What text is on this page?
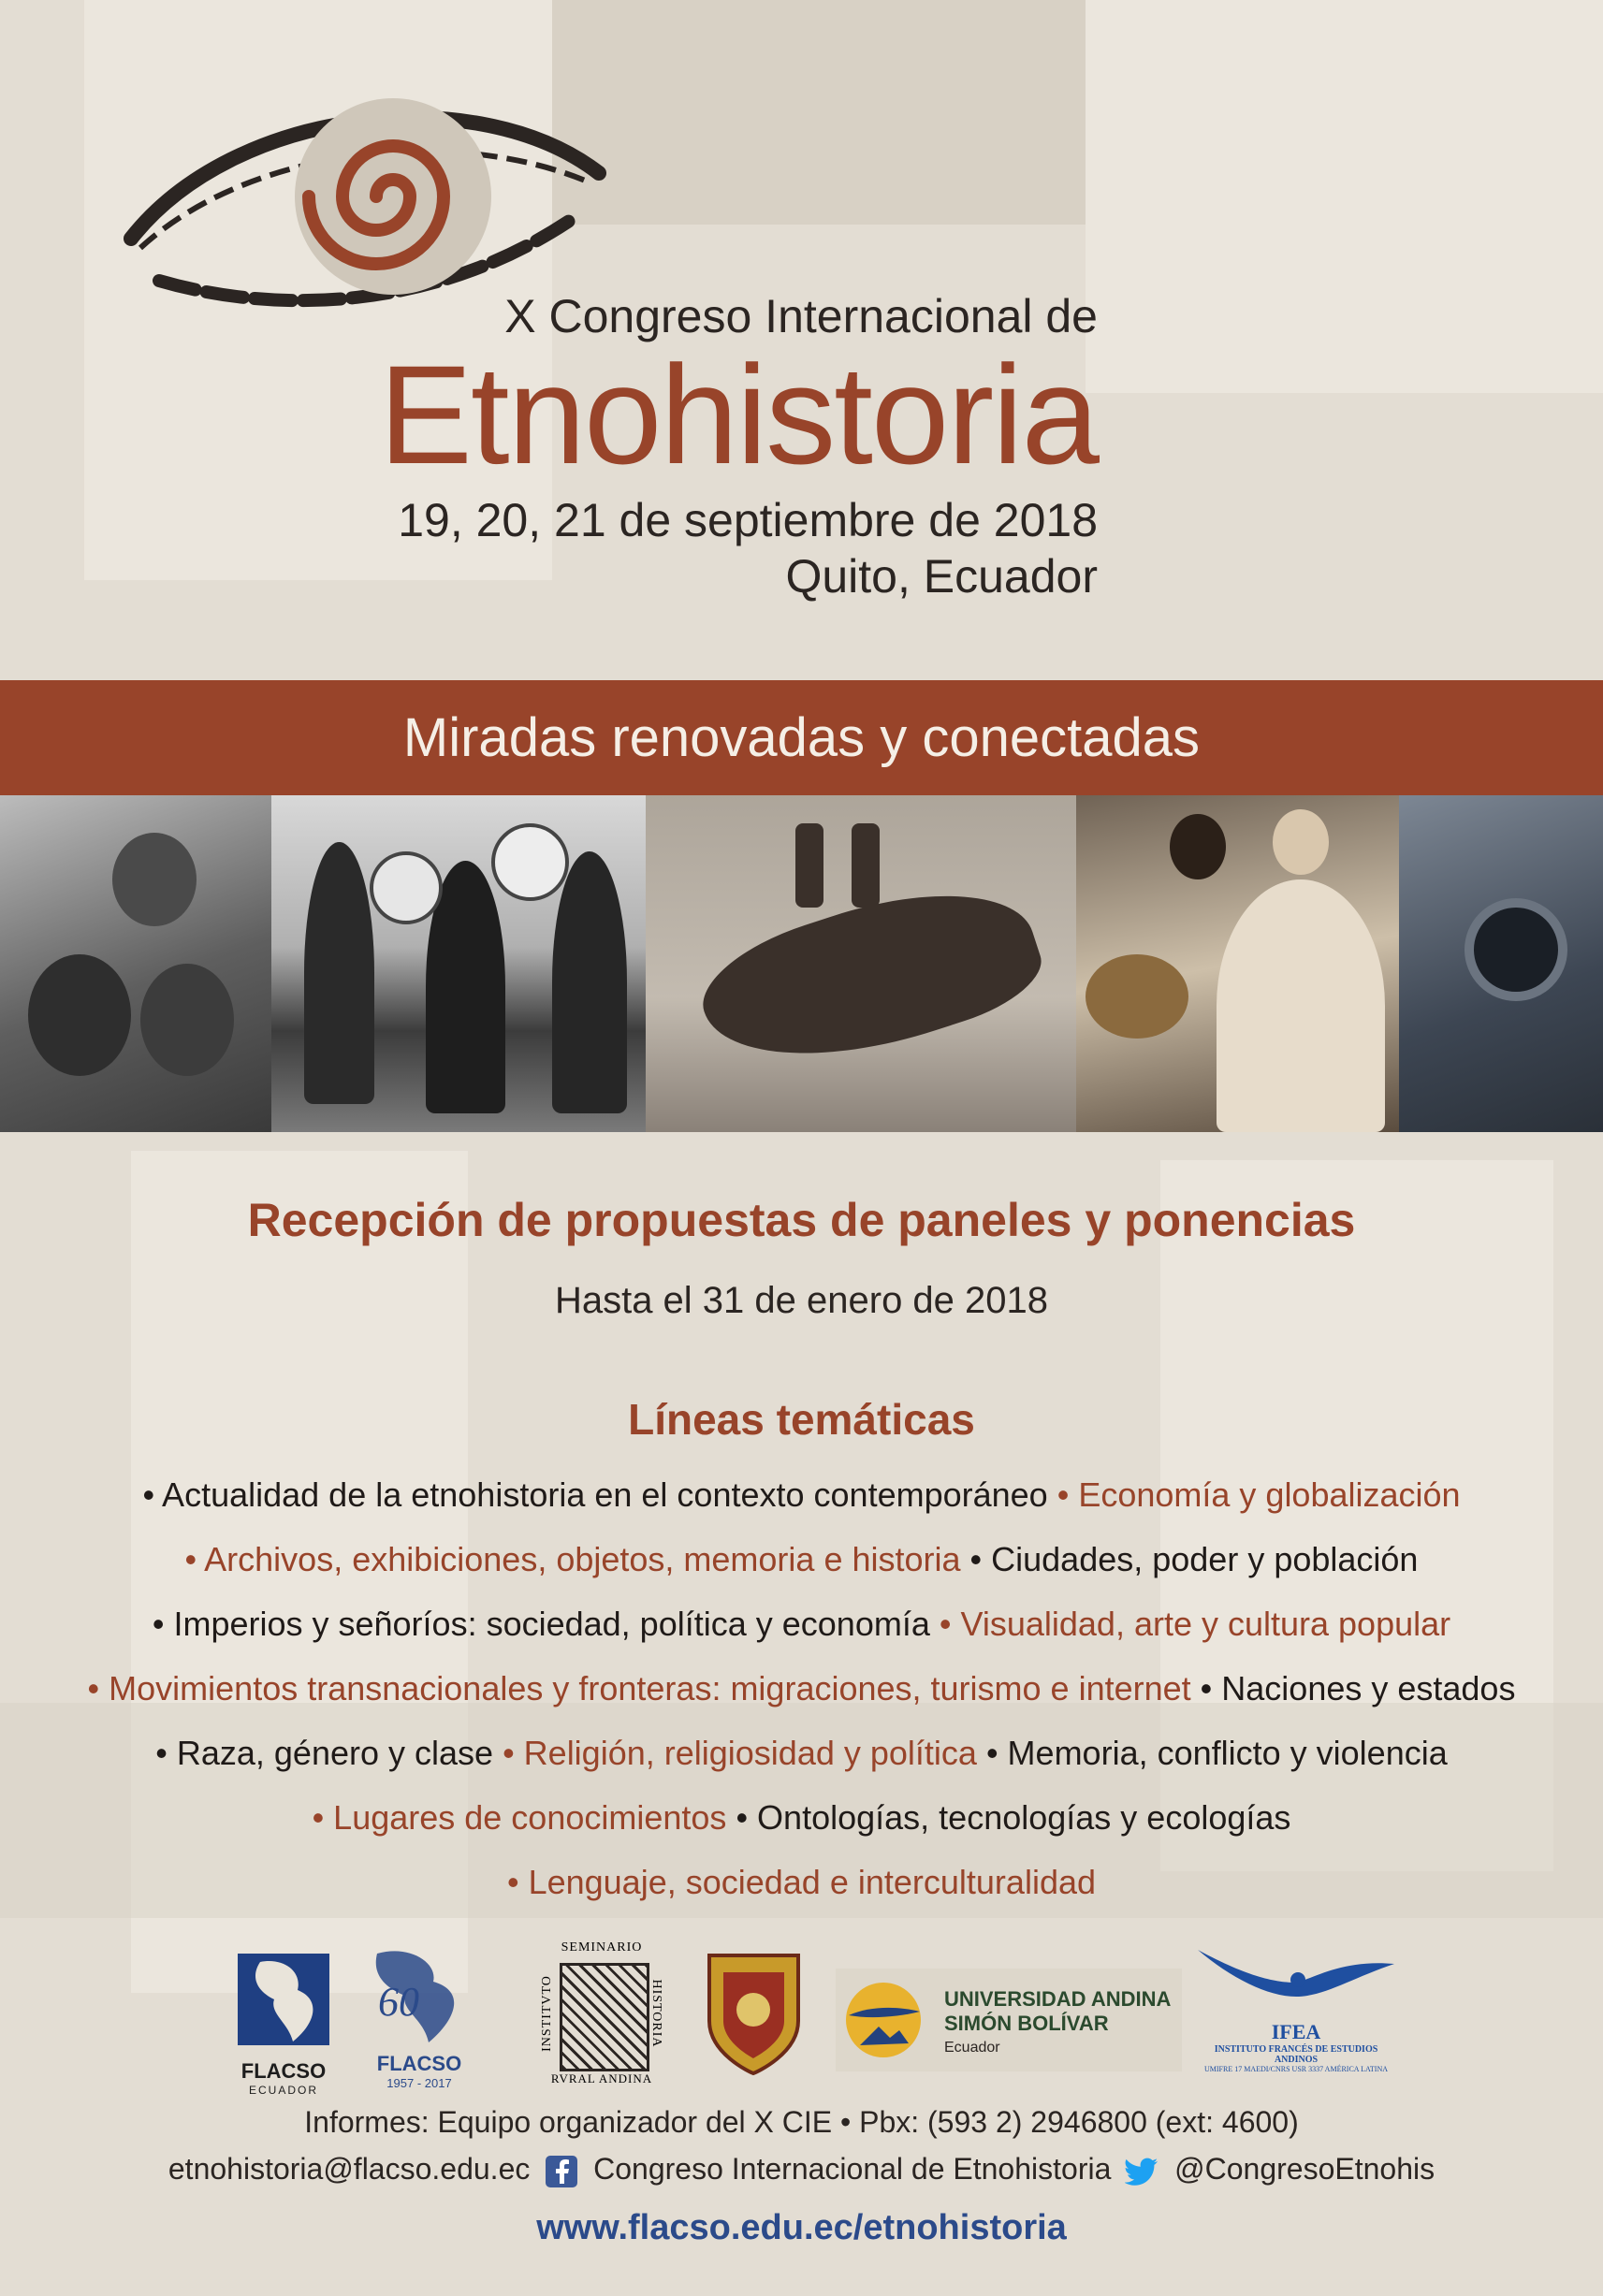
X Congreso Internacional de
Etnohistoria
19, 20, 21 de septiembre de 2018
Quito, Ecuador
Miradas renovadas y conectadas
Recepción de propuestas de paneles y ponencias
Hasta el 31 de enero de 2018
Líneas temáticas
• Actualidad de la etnohistoria en el contexto contemporáneo • Economía y globalización
• Archivos, exhibiciones, objetos, memoria e historia • Ciudades, poder y población
• Imperios y señoríos: sociedad, política y economía • Visualidad, arte y cultura popular
• Movimientos transnacionales y fronteras: migraciones, turismo e internet • Naciones y estados
• Raza, género y clase • Religión, religiosidad y política • Memoria, conflicto y violencia
• Lugares de conocimientos • Ontologías, tecnologías y ecologías • Lenguaje, sociedad e interculturalidad
FLACSO
ECUADOR
60
FLACSO
1957 - 2017
SEMINARIO
RVRAL ANDINA
HISTORIA
INSTITVTO	UNIVERSIDAD ANDINA
SIMÓN BOLÍVAR
Ecuador
IFEA
INSTITUTO FRANCÉS DE ESTUDIOS ANDINOS
UMIFRE 17 MAEDI/CNRS USR 3337 AMÉRICA LATINA
Informes: Equipo organizador del X CIE • Pbx: (593 2) 2946800 (ext: 4600)
etnohistoria@flacso.edu.ec Congreso Internacional de Etnohistoria @CongresoEtnohis
www.flacso.edu.ec/etnohistoria
